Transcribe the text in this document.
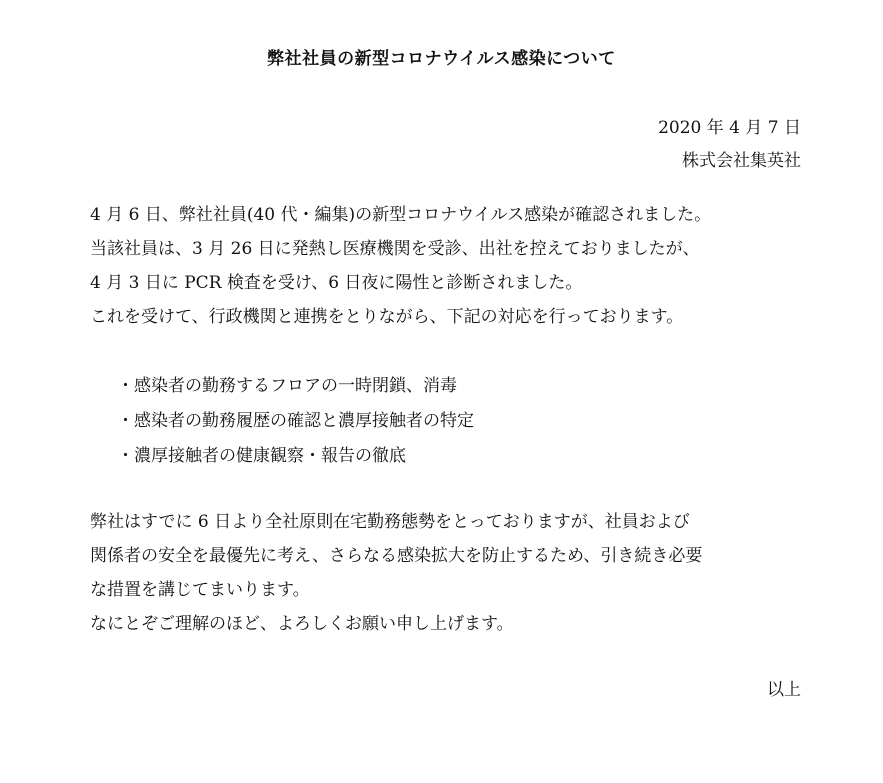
弊社社員の新型コロナウイルス感染について
2020 年 4 月 7 日
株式会社集英社
4 月 6 日、弊社社員(40 代・編集)の新型コロナウイルス感染が確認されました。
当該社員は、3 月 26 日に発熱し医療機関を受診、出社を控えておりましたが、
4 月 3 日に PCR 検査を受け、6 日夜に陽性と診断されました。
これを受けて、行政機関と連携をとりながら、下記の対応を行っております。
・感染者の勤務するフロアの一時閉鎖、消毒
・感染者の勤務履歴の確認と濃厚接触者の特定
・濃厚接触者の健康観察・報告の徹底
弊社はすでに 6 日より全社原則在宅勤務態勢をとっておりますが、社員および
関係者の安全を最優先に考え、さらなる感染拡大を防止するため、引き続き必要
な措置を講じてまいります。
なにとぞご理解のほど、よろしくお願い申し上げます。
以上
